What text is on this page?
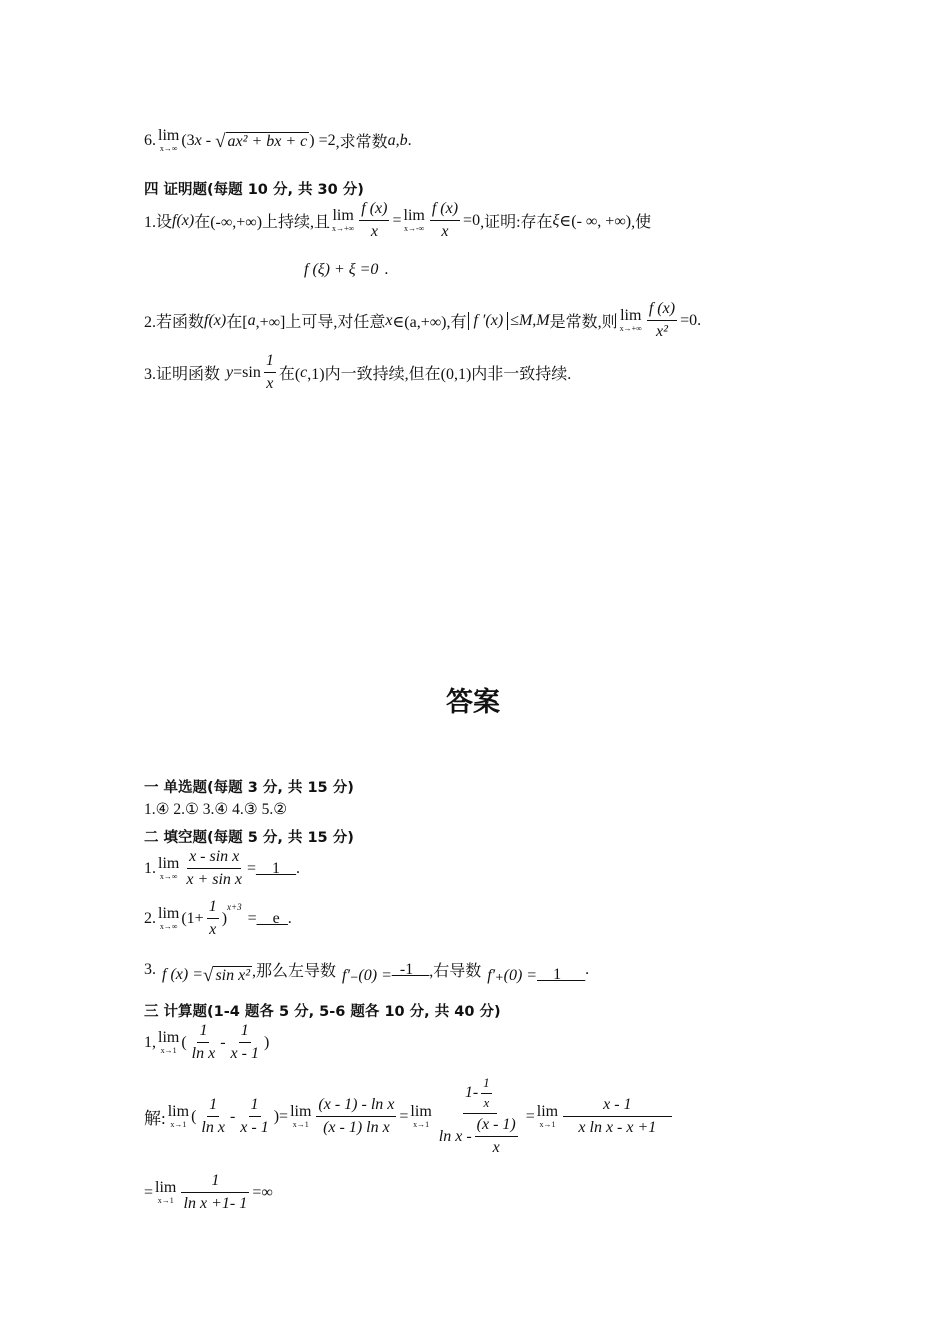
6. lim
x→∞ (3 x - √ ax² + bx + c ) =2 ,求常数 a,b .
四 证明题(每题 10 分, 共 30 分)
1.设 f(x) 在(-∞,+∞)上持续,且 lim
$x\to+\infty \frac{f (x)}{x} = \lim$
$x\to-\infty \frac{f (x)}{x} =0$ ,证明:存在 ξ ∈(- ∞, +∞) ,使
f (ξ) + ξ =0 .
2.若函数 f(x) 在[ a ,+∞]上可导,对任意 x ∈(a,+∞),有 f ′(x) ≤ M , M 是常数,则 lim
$x\to+\infty \frac{f (x)}{\text{x²}} =0$ .
3.证明函数 y =sin
1
x
在( c ,1)内一致持续,但在(0,1)内非一致持续.
答案
一 单选题(每题 3 分, 共 15 分)
1.④ 2.① 3.④ 4.③ 5.②
二 填空题(每题 5 分, 共 15 分)
1. lim
$x\to\infty \frac{\text{x - sin x}}{\text{x + sin x}}$ = __1__ .
2. lim
x→∞ ($1+ \frac{1}{x}$ )
$^{x+3}$
= __e_ .
3. f (x) = √ sin x² ,那么左导数 f′₋(0) = _-1__ ,右导数 f′₊(0) = __1___ .
三 计算题(1-4 题各 5 分, 5-6 题各 10 分, 共 40 分)
1, lim
x→1 (
1
ln x
-
1
x - 1
)
解: lim
x→1 (
1
ln x
-
1
x - 1
) = lim
$x\to 1 \frac{\text{(x - 1) - ln x}}{\text{(x - 1) ln x}} = \lim$
x→1 1-
1
x
ln x -
(x - 1)
x = lim
x→1
x - 1
x ln x - x +1
= lim
$x\to 1 \frac{1}{\text{ln x +1- 1}}$ =∞
